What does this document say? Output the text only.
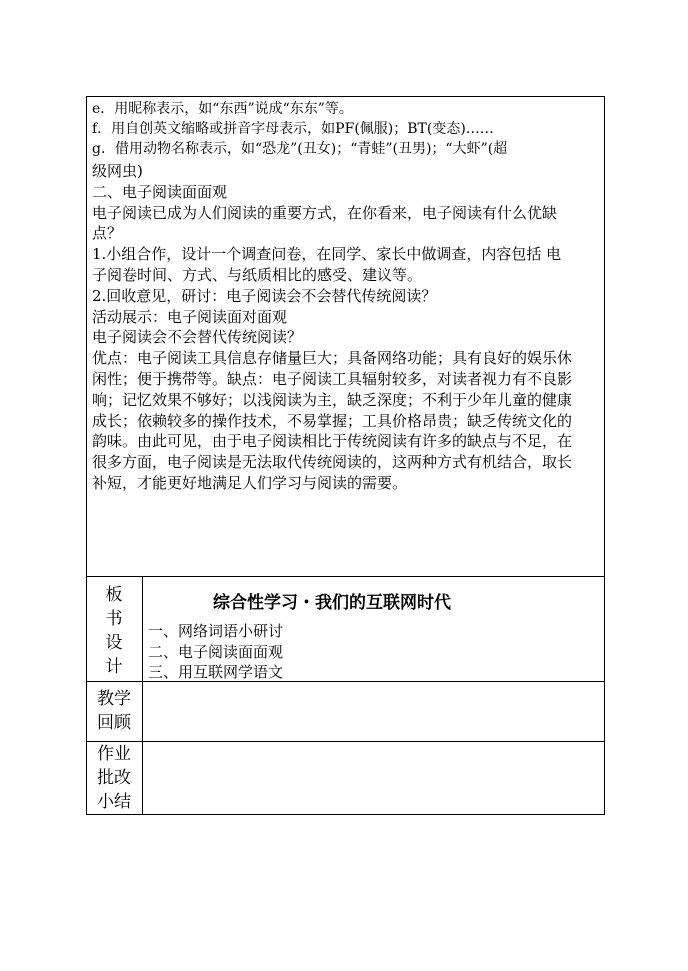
e．用昵称表示，如“东西”说成“东东”等。
f．用自创英文缩略或拼音字母表示，如PF(佩服)；BT(变态)……
g．借用动物名称表示，如“恐龙”(丑女)；“青蛙”(丑男)；“大虾”(超
级网虫)
二、电子阅读面面观
电子阅读已成为人们阅读的重要方式，在你看来，电子阅读有什么优缺
点？
1.小组合作，设计一个调查问卷，在同学、家长中做调查，内容包括 电
子阅卷时间、方式、与纸质相比的感受、建议等。
2.回收意见，研讨：电子阅读会不会替代传统阅读？
活动展示：电子阅读面对面观
电子阅读会不会替代传统阅读？
优点：电子阅读工具信息存储量巨大；具备网络功能；具有良好的娱乐休
闲性；便于携带等。缺点：电子阅读工具辐射较多，对读者视力有不良影
响；记忆效果不够好；以浅阅读为主，缺乏深度；不利于少年儿童的健康
成长；依赖较多的操作技术，不易掌握；工具价格昂贵；缺乏传统文化的
韵味。由此可见，由于电子阅读相比于传统阅读有许多的缺点与不足，在
很多方面，电子阅读是无法取代传统阅读的，这两种方式有机结合，取长
补短，才能更好地满足人们学习与阅读的需要。
板
书
设
计
综合性学习・我们的互联网时代
一、网络词语小研讨
二、电子阅读面面观
三、用互联网学语文
教学
回顾
作业
批改
小结
